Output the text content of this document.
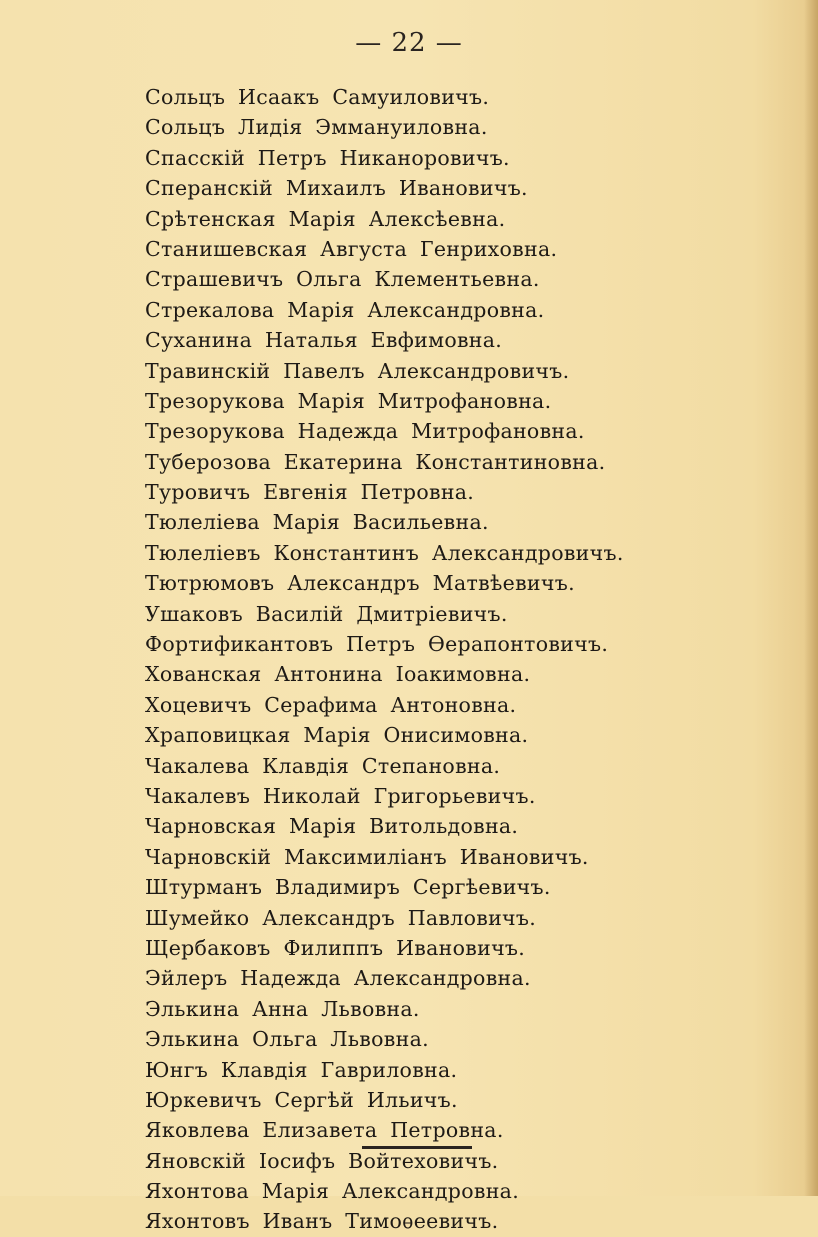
— 22 —
Сольцъ Исаакъ Самуиловичъ.
Сольцъ Лидія Эммануиловна.
Спасскій Петръ Никаноровичъ.
Сперанскій Михаилъ Ивановичъ.
Срѣтенская Марія Алексѣевна.
Станишевская Августа Генриховна.
Страшевичъ Ольга Клементьевна.
Стрекалова Марія Александровна.
Суханина Наталья Евфимовна.
Травинскій Павелъ Александровичъ.
Трезорукова Марія Митрофановна.
Трезорукова Надежда Митрофановна.
Туберозова Екатерина Константиновна.
Туровичъ Евгенія Петровна.
Тюлеліева Марія Васильевна.
Тюлеліевъ Константинъ Александровичъ.
Тютрюмовъ Александръ Матвѣевичъ.
Ушаковъ Василій Дмитріевичъ.
Фортификантовъ Петръ Ѳерапонтовичъ.
Хованская Антонина Іоакимовна.
Хоцевичъ Серафима Антоновна.
Храповицкая Марія Онисимовна.
Чакалева Клавдія Степановна.
Чакалевъ Николай Григорьевичъ.
Чарновская Марія Витольдовна.
Чарновскій Максимиліанъ Ивановичъ.
Штурманъ Владимиръ Сергѣевичъ.
Шумейко Александръ Павловичъ.
Щербаковъ Филиппъ Ивановичъ.
Эйлеръ Надежда Александровна.
Элькина Анна Львовна.
Элькина Ольга Львовна.
Юнгъ Клавдія Гавриловна.
Юркевичъ Сергѣй Ильичъ.
Яковлева Елизавета Петровна.
Яновскій Іосифъ Войтеховичъ.
Яхонтова Марія Александровна.
Яхонтовъ Иванъ Тимоѳеевичъ.
